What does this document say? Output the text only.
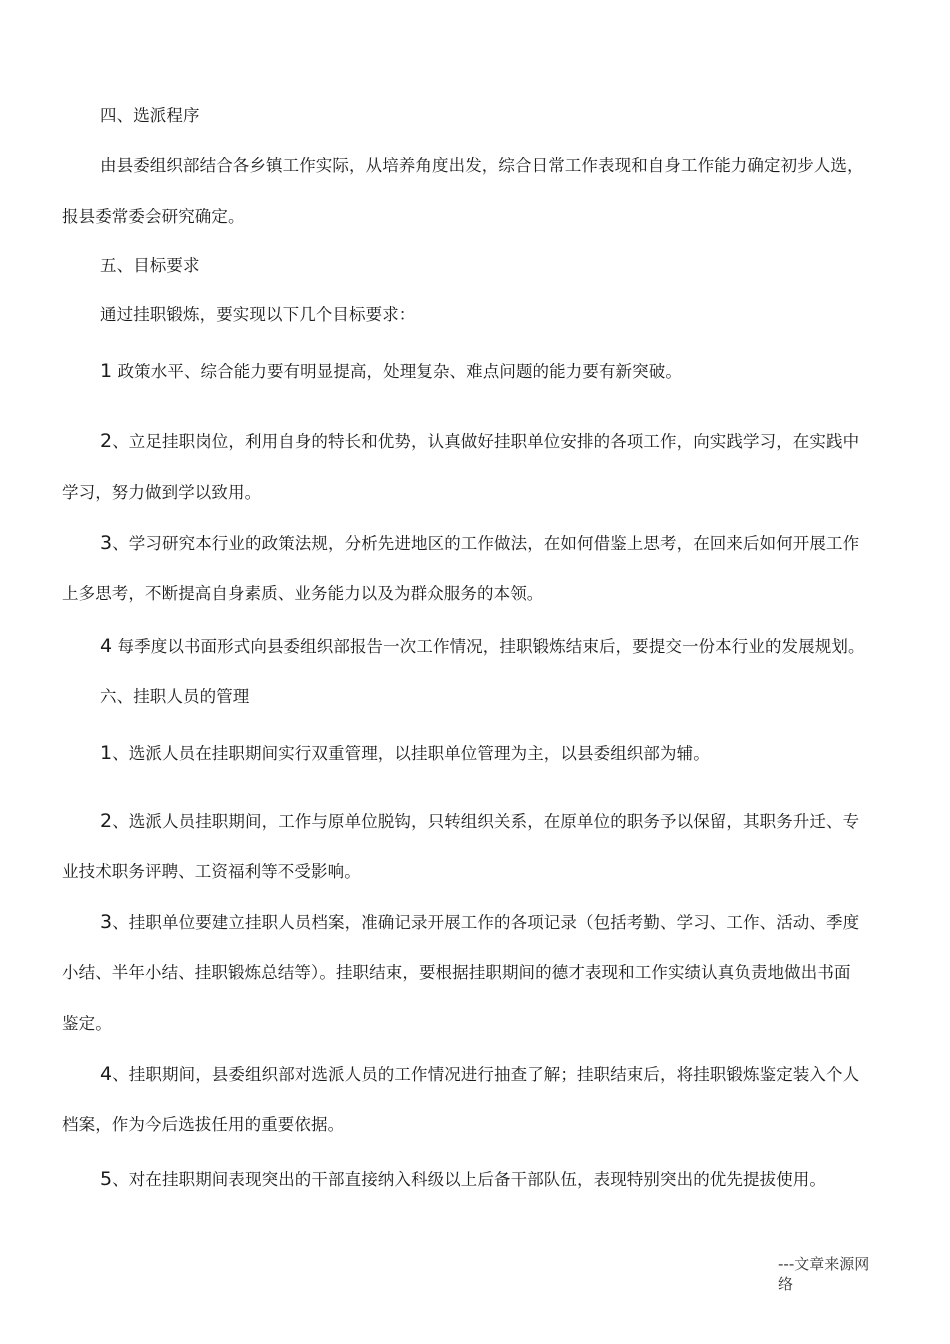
四、选派程序
由县委组织部结合各乡镇工作实际，从培养角度出发，综合日常工作表现和自身工作能力确定初步人选，
报县委常委会研究确定。
五、目标要求
通过挂职锻炼，要实现以下几个目标要求：
1 政策水平、综合能力要有明显提高，处理复杂、难点问题的能力要有新突破。
2、立足挂职岗位，利用自身的特长和优势，认真做好挂职单位安排的各项工作，向实践学习，在实践中
学习，努力做到学以致用。
3、学习研究本行业的政策法规，分析先进地区的工作做法，在如何借鉴上思考，在回来后如何开展工作
上多思考，不断提高自身素质、业务能力以及为群众服务的本领。
4 每季度以书面形式向县委组织部报告一次工作情况，挂职锻炼结束后，要提交一份本行业的发展规划。
六、挂职人员的管理
1、选派人员在挂职期间实行双重管理，以挂职单位管理为主，以县委组织部为辅。
2、选派人员挂职期间，工作与原单位脱钩，只转组织关系，在原单位的职务予以保留，其职务升迁、专
业技术职务评聘、工资福利等不受影响。
3、挂职单位要建立挂职人员档案，准确记录开展工作的各项记录（包括考勤、学习、工作、活动、季度
小结、半年小结、挂职锻炼总结等）。挂职结束，要根据挂职期间的德才表现和工作实绩认真负责地做出书面
鉴定。
4、挂职期间，县委组织部对选派人员的工作情况进行抽查了解；挂职结束后，将挂职锻炼鉴定装入个人
档案，作为今后选拔任用的重要依据。
5、对在挂职期间表现突出的干部直接纳入科级以上后备干部队伍，表现特别突出的优先提拔使用。
---文章来源网
络
